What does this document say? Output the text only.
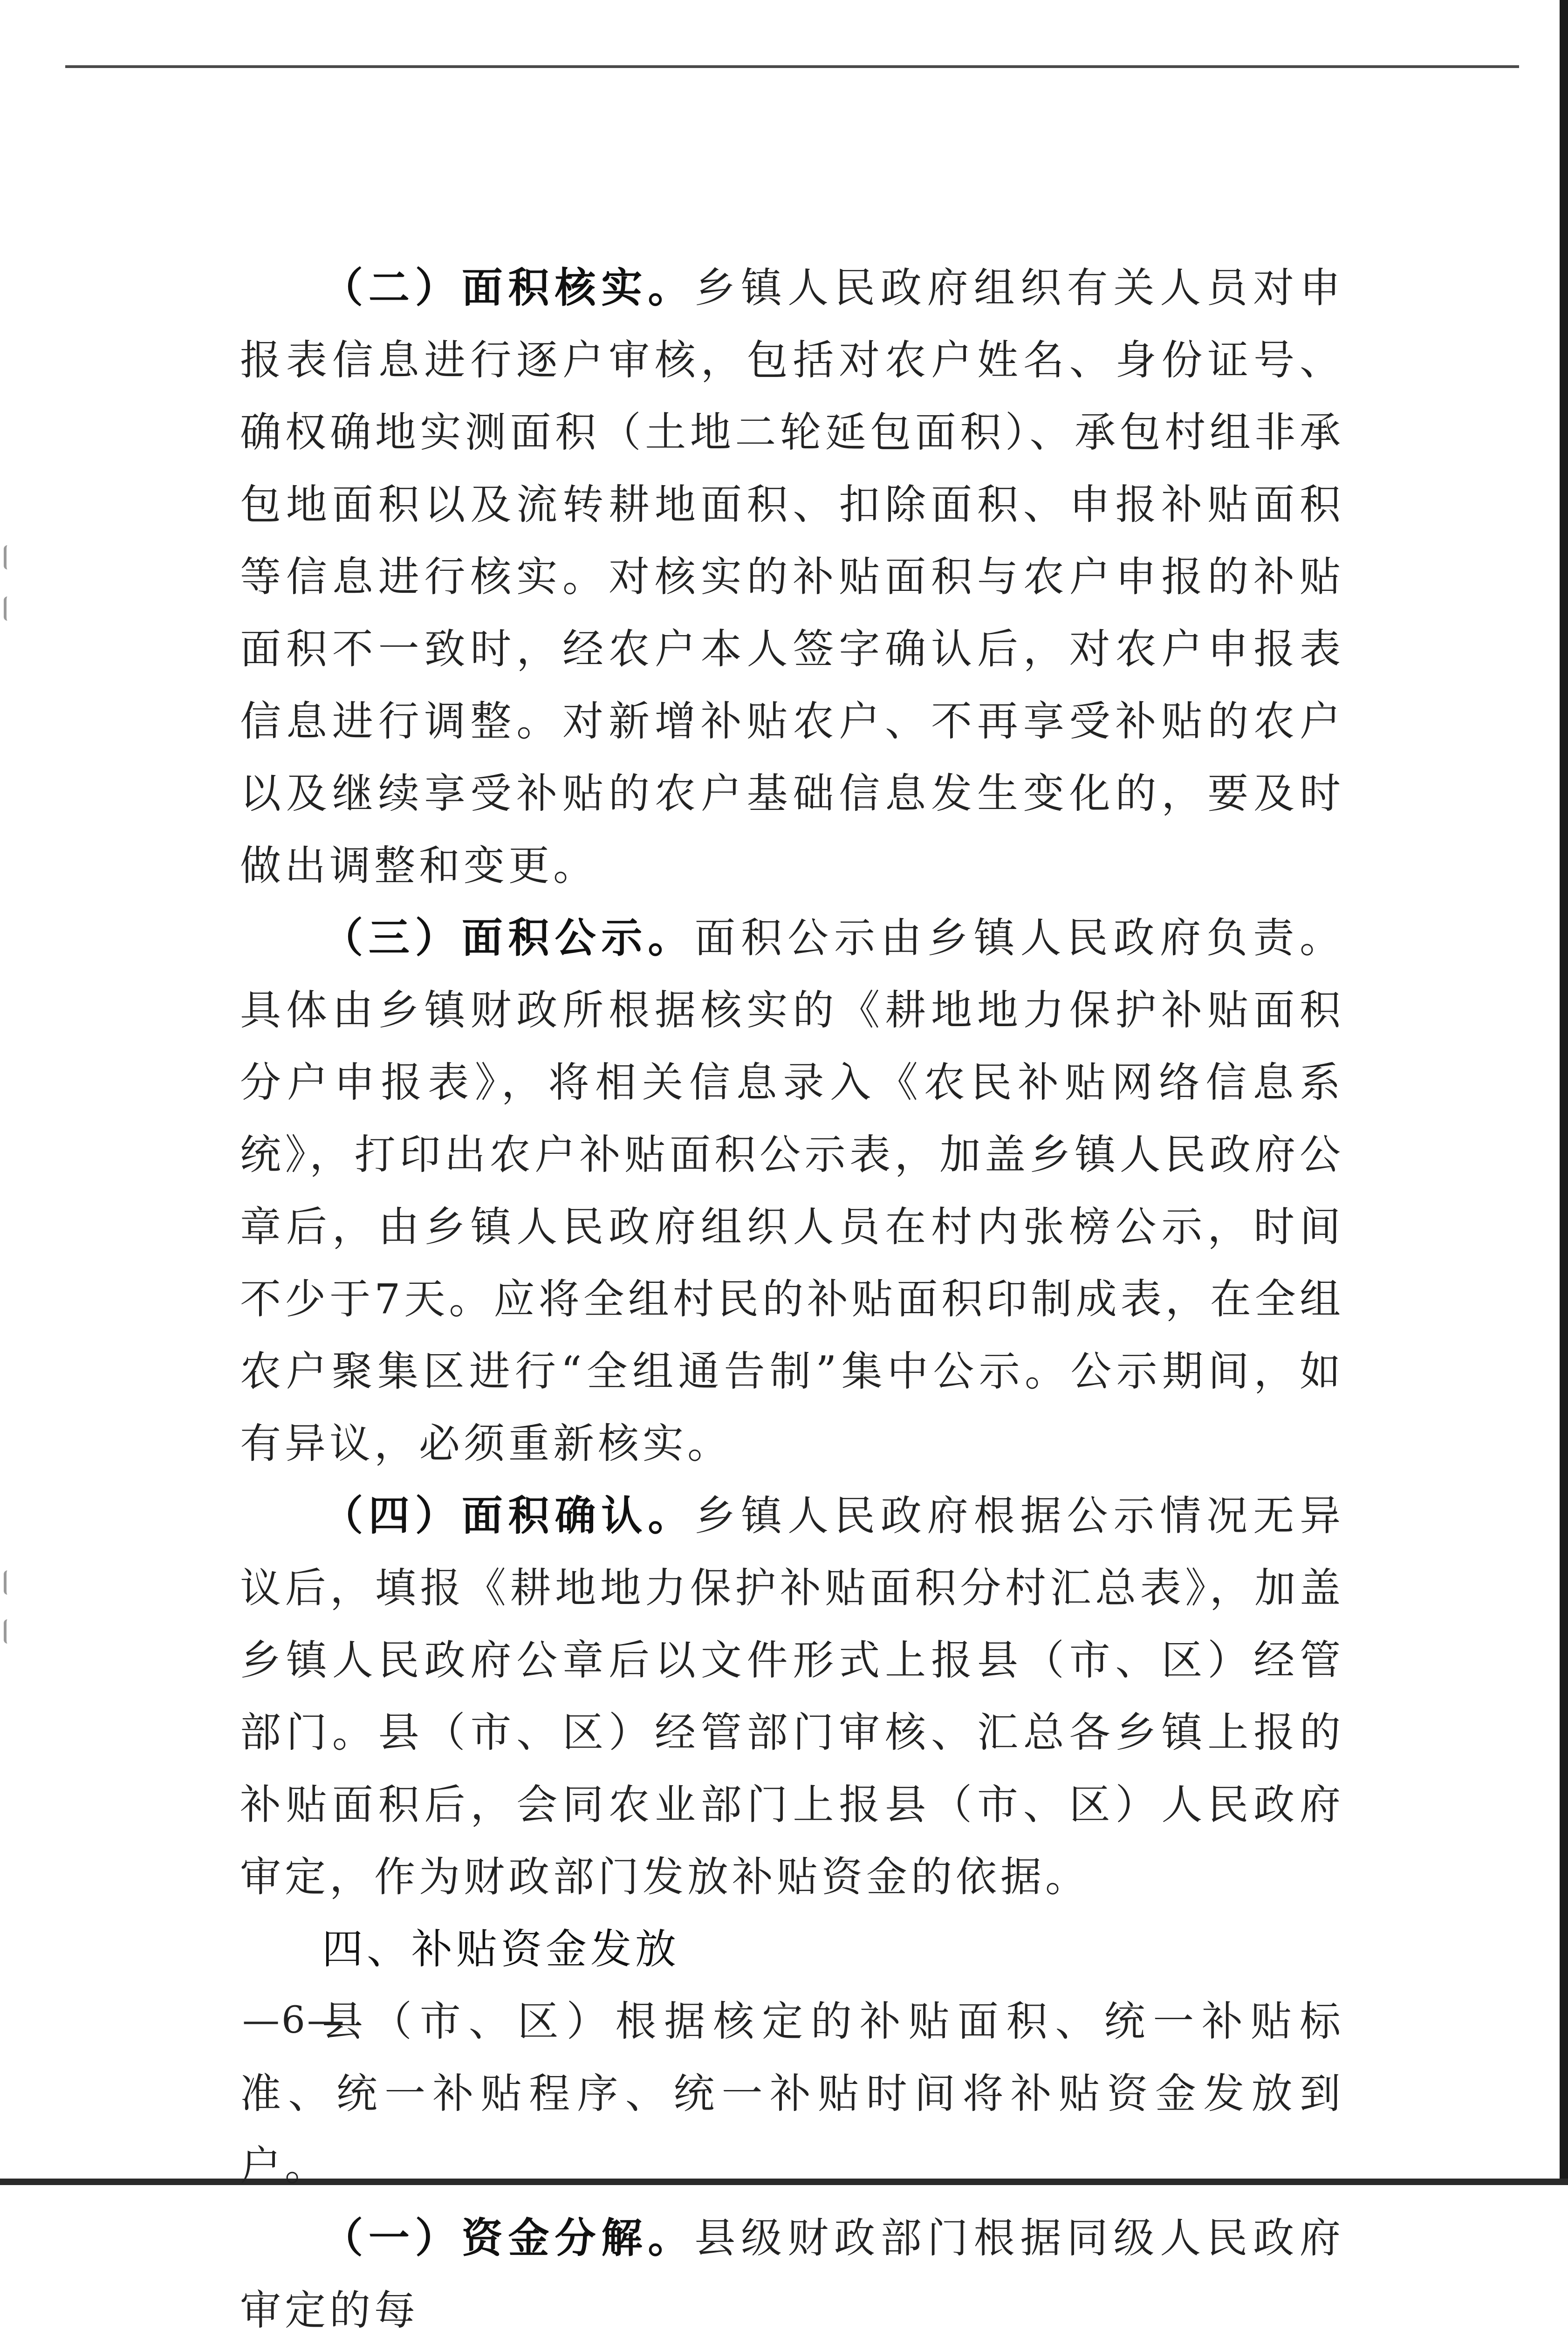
（二）面积核实。乡镇人民政府组织有关人员对申报表信息进行逐户审核，包括对农户姓名、身份证号、确权确地实测面积（土地二轮延包面积）、承包村组非承包地面积以及流转耕地面积、扣除面积、申报补贴面积等信息进行核实。对核实的补贴面积与农户申报的补贴面积不一致时，经农户本人签字确认后，对农户申报表信息进行调整。对新增补贴农户、不再享受补贴的农户以及继续享受补贴的农户基础信息发生变化的，要及时做出调整和变更。

（三）面积公示。面积公示由乡镇人民政府负责。具体由乡镇财政所根据核实的《耕地地力保护补贴面积分户申报表》，将相关信息录入《农民补贴网络信息系统》，打印出农户补贴面积公示表，加盖乡镇人民政府公章后，由乡镇人民政府组织人员在村内张榜公示，时间不少于7天。应将全组村民的补贴面积印制成表，在全组农户聚集区进行“全组通告制”集中公示。公示期间，如有异议，必须重新核实。

（四）面积确认。乡镇人民政府根据公示情况无异议后，填报《耕地地力保护补贴面积分村汇总表》，加盖乡镇人民政府公章后以文件形式上报县（市、区）经管部门。县（市、区）经管部门审核、汇总各乡镇上报的补贴面积后，会同农业部门上报县（市、区）人民政府审定，作为财政部门发放补贴资金的依据。

四、补贴资金发放

县（市、区）根据核定的补贴面积、统一补贴标准、统一补贴程序、统一补贴时间将补贴资金发放到户。

（一）资金分解。县级财政部门根据同级人民政府审定的每

—6—
